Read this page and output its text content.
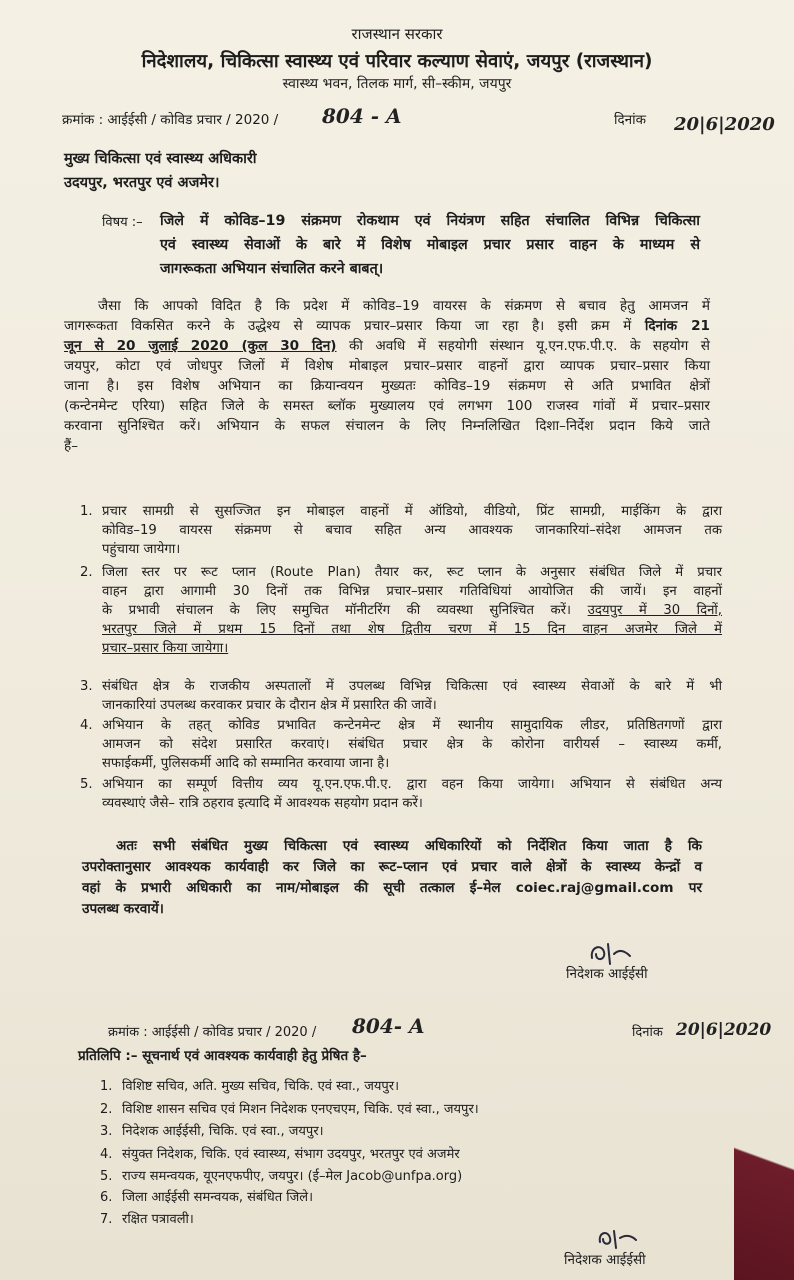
राजस्थान सरकार
निदेशालय, चिकित्सा स्वास्थ्य एवं परिवार कल्याण सेवाएं, जयपुर (राजस्थान)
स्वास्थ्य भवन, तिलक मार्ग, सी–स्कीम, जयपुर
क्रमांक : आईईसी / कोविड प्रचार / 2020 / 804 - A	दिनांक 20|6|2020
मुख्य चिकित्सा एवं स्वास्थ्य अधिकारी
उदयपुर, भरतपुर एवं अजमेर।
विषय :– जिले में कोविड–19 संक्रमण रोकथाम एवं नियंत्रण सहित संचालित विभिन्न चिकित्सा
एवं स्वास्थ्य सेवाओं के बारे में विशेष मोबाइल प्रचार प्रसार वाहन के माध्यम से
जागरूकता अभियान संचालित करने बाबत्।
जैसा कि आपको विदित है कि प्रदेश में कोविड–19 वायरस के संक्रमण से बचाव हेतु आमजन में
जागरूकता विकसित करने के उद्धेश्य से व्यापक प्रचार–प्रसार किया जा रहा है। इसी क्रम में दिनांक 21
जून से 20 जुलाई 2020 (कुल 30 दिन) की अवधि में सहयोगी संस्थान यू.एन.एफ.पी.ए. के सहयोग से
जयपुर, कोटा एवं जोधपुर जिलों में विशेष मोबाइल प्रचार–प्रसार वाहनों द्वारा व्यापक प्रचार–प्रसार किया
जाना है। इस विशेष अभियान का क्रियान्वयन मुख्यतः कोविड–19 संक्रमण से अति प्रभावित क्षेत्रों
(कन्टेनमेन्ट एरिया) सहित जिले के समस्त ब्लॉक मुख्यालय एवं लगभग 100 राजस्व गांवों में प्रचार–प्रसार
करवाना सुनिश्चित करें। अभियान के सफल संचालन के लिए निम्नलिखित दिशा–निर्देश प्रदान किये जाते
हैं–
1. प्रचार सामग्री से सुसज्जित इन मोबाइल वाहनों में ऑडियो, वीडियो, प्रिंट सामग्री, माईकिंग के द्वारा
कोविड–19 वायरस संक्रमण से बचाव सहित अन्य आवश्यक जानकारियां–संदेश आमजन तक
पहुंचाया जायेगा।
2. जिला स्तर पर रूट प्लान (Route Plan) तैयार कर, रूट प्लान के अनुसार संबंधित जिले में प्रचार
वाहन द्वारा आगामी 30 दिनों तक विभिन्न प्रचार–प्रसार गतिविधियां आयोजित की जायें। इन वाहनों
के प्रभावी संचालन के लिए समुचित मॉनीटरिंग की व्यवस्था सुनिश्चित करें। उदयपुर में 30 दिनों,
भरतपुर जिले में प्रथम 15 दिनों तथा शेष द्वितीय चरण में 15 दिन वाहन अजमेर जिले में
प्रचार–प्रसार किया जायेगा।
3. संबंधित क्षेत्र के राजकीय अस्पतालों में उपलब्ध विभिन्न चिकित्सा एवं स्वास्थ्य सेवाओं के बारे में भी
जानकारियां उपलब्ध करवाकर प्रचार के दौरान क्षेत्र में प्रसारित की जावें।
4. अभियान के तहत् कोविड प्रभावित कन्टेनमेन्ट क्षेत्र में स्थानीय सामुदायिक लीडर, प्रतिष्ठितगणों द्वारा
आमजन को संदेश प्रसारित करवाएं। संबंधित प्रचार क्षेत्र के कोरोना वारीयर्स – स्वास्थ्य कर्मी,
सफाईकर्मी, पुलिसकर्मी आदि को सम्मानित करवाया जाना है।
5. अभियान का सम्पूर्ण वित्तीय व्यय यू.एन.एफ.पी.ए. द्वारा वहन किया जायेगा। अभियान से संबंधित अन्य
व्यवस्थाएं जैसे– रात्रि ठहराव इत्यादि में आवश्यक सहयोग प्रदान करें।
अतः सभी संबंधित मुख्य चिकित्सा एवं स्वास्थ्य अधिकारियों को निर्देशित किया जाता है कि
उपरोक्तानुसार आवश्यक कार्यवाही कर जिले का रूट–प्लान एवं प्रचार वाले क्षेत्रों के स्वास्थ्य केन्द्रों व
वहां के प्रभारी अधिकारी का नाम/मोबाइल की सूची तत्काल ई–मेल coiec.raj@gmail.com पर
उपलब्ध करवायें।
निदेशक आईईसी
क्रमांक : आईईसी / कोविड प्रचार / 2020 / 804- A	दिनांक 20|6|2020
प्रतिलिपि :– सूचनार्थ एवं आवश्यक कार्यवाही हेतु प्रेषित है–
1. विशिष्ट सचिव, अति. मुख्य सचिव, चिकि. एवं स्वा., जयपुर।
2. विशिष्ट शासन सचिव एवं मिशन निदेशक एनएचएम, चिकि. एवं स्वा., जयपुर।
3. निदेशक आईईसी, चिकि. एवं स्वा., जयपुर।
4. संयुक्त निदेशक, चिकि. एवं स्वास्थ्य, संभाग उदयपुर, भरतपुर एवं अजमेर
5. राज्य समन्वयक, यूएनएफपीए, जयपुर। (ई–मेल Jacob@unfpa.org)
6. जिला आईईसी समन्वयक, संबंधित जिले।
7. रक्षित पत्रावली।
निदेशक आईईसी
